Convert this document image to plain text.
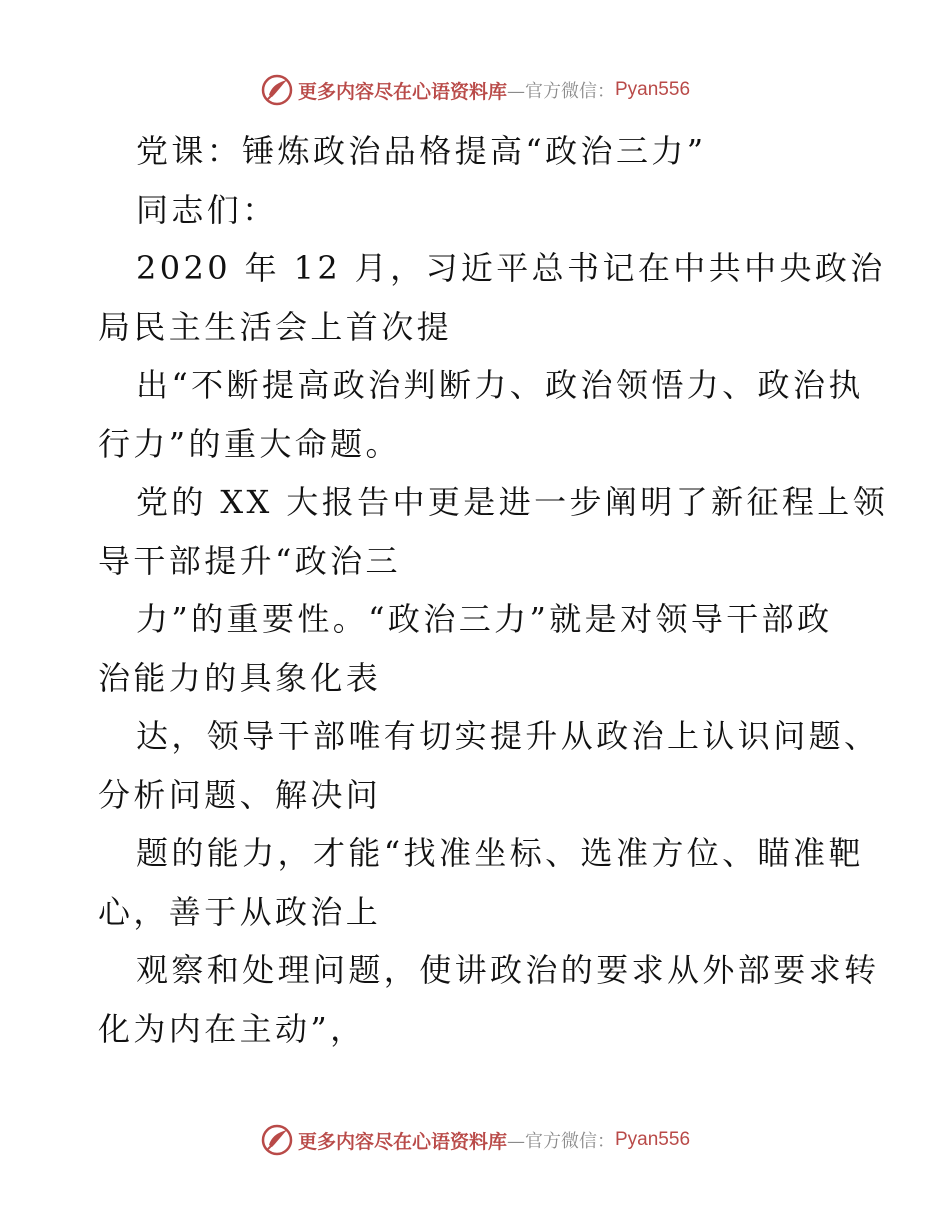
更多内容尽在心语资料库 —官方微信： Pyan556
党课：锤炼政治品格提高“政治三力”
同志们：
2020 年 12 月，习近平总书记在中共中央政治
局民主生活会上首次提
出“不断提高政治判断力、政治领悟力、政治执
行力”的重大命题。
党的 XX 大报告中更是进一步阐明了新征程上领
导干部提升“政治三
力”的重要性。“政治三力”就是对领导干部政
治能力的具象化表
达，领导干部唯有切实提升从政治上认识问题、
分析问题、解决问
题的能力，才能“找准坐标、选准方位、瞄准靶
心，善于从政治上
观察和处理问题，使讲政治的要求从外部要求转
化为内在主动”，
更多内容尽在心语资料库 —官方微信： Pyan556
